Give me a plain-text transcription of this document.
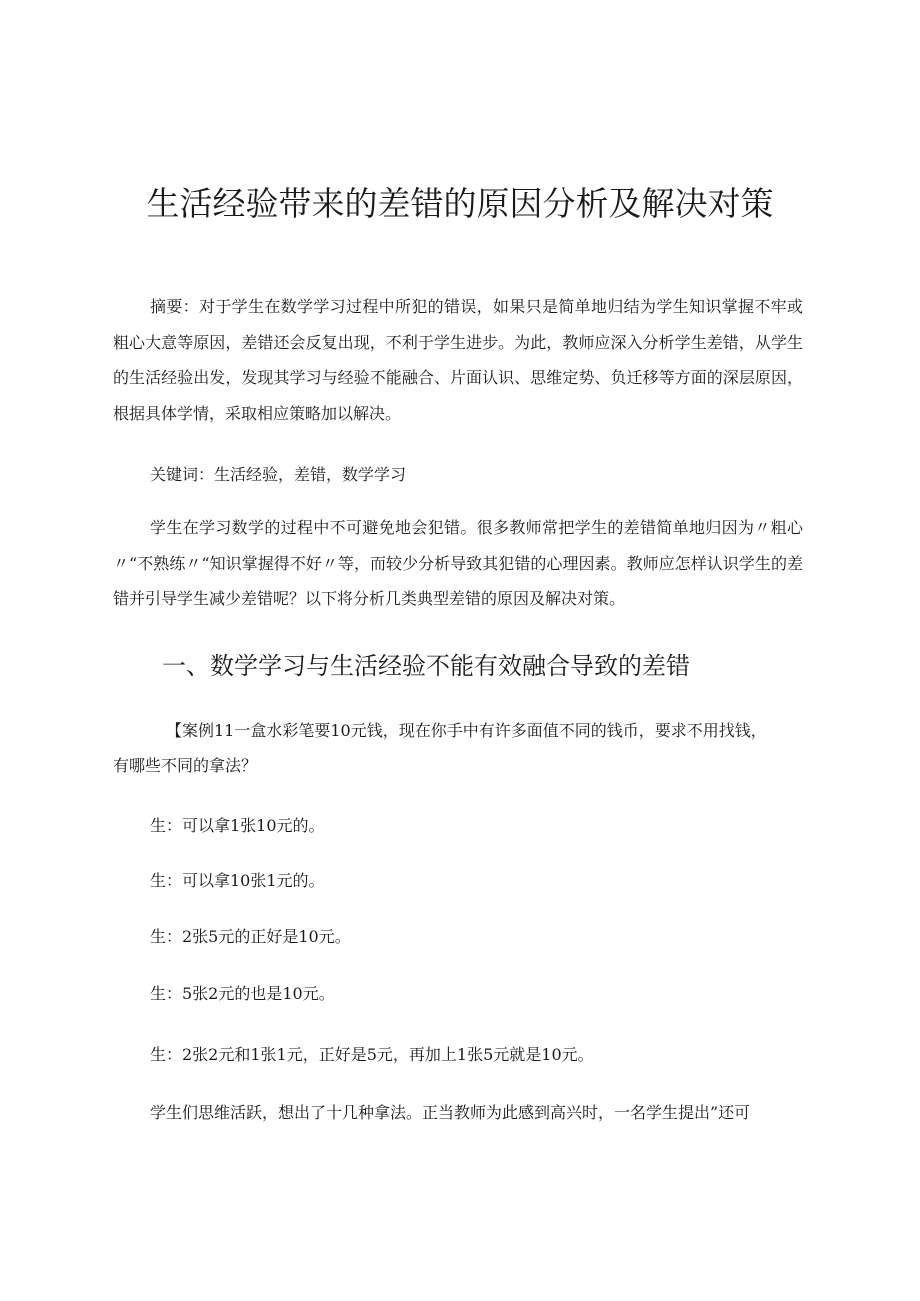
生活经验带来的差错的原因分析及解决对策

摘要：对于学生在数学学习过程中所犯的错误，如果只是简单地归结为学生知识掌握不牢或粗心大意等原因，差错还会反复出现，不利于学生进步。为此，教师应深入分析学生差错，从学生的生活经验出发，发现其学习与经验不能融合、片面认识、思维定势、负迁移等方面的深层原因，根据具体学情，采取相应策略加以解决。

关键词：生活经验，差错，数学学习

学生在学习数学的过程中不可避免地会犯错。很多教师常把学生的差错简单地归因为〃粗心〃“不熟练〃“知识掌握得不好〃等，而较少分析导致其犯错的心理因素。教师应怎样认识学生的差错并引导学生减少差错呢？以下将分析几类典型差错的原因及解决对策。

一、数学学习与生活经验不能有效融合导致的差错
【案例11一盒水彩笔要10元钱，现在你手中有许多面值不同的钱币，要求不用找钱，
有哪些不同的拿法？

生：可以拿1张10元的。

生：可以拿10张1元的。

生：2张5元的正好是10元。

生：5张2元的也是10元。

生：2张2元和1张1元，正好是5元，再加上1张5元就是10元。

学生们思维活跃，想出了十几种拿法。正当教师为此感到高兴时，一名学生提出”还可
